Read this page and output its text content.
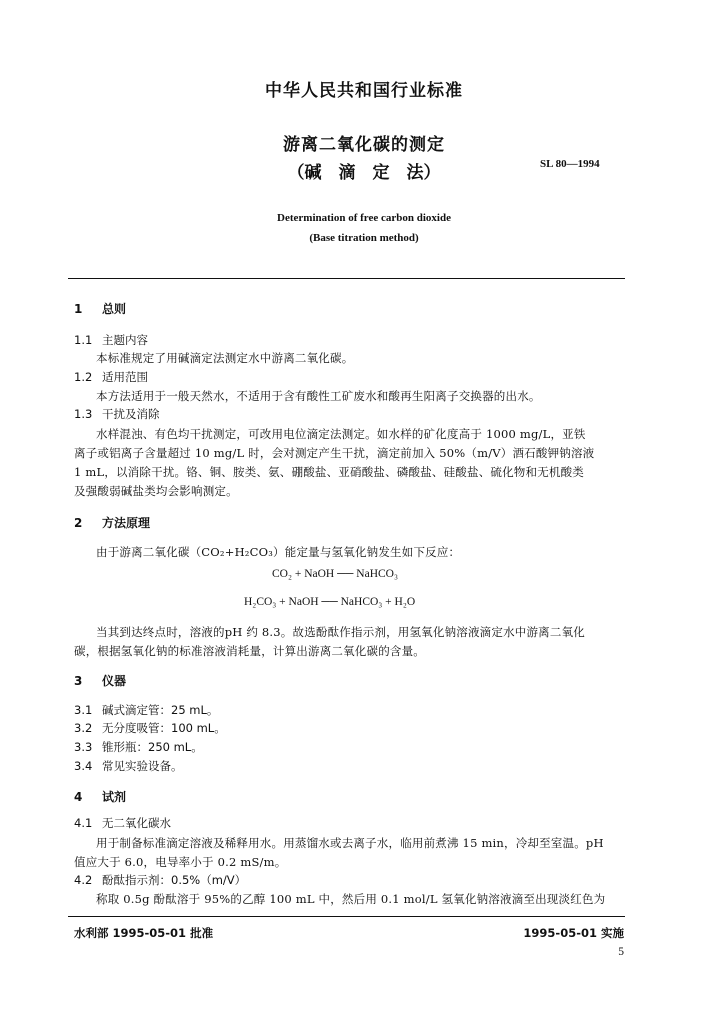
中华人民共和国行业标准
游离二氧化碳的测定
（碱　滴　定　法）	SL 80—1994
Determination of free carbon dioxide
(Base titration method)
1 总则
1.1 主题内容
本标准规定了用碱滴定法测定水中游离二氧化碳。
1.2 适用范围
本方法适用于一般天然水，不适用于含有酸性工矿废水和酸再生阳离子交换器的出水。
1.3 干扰及消除
水样混浊、有色均干扰测定，可改用电位滴定法测定。如水样的矿化度高于 1000 mg/L，亚铁
离子或铝离子含量超过 10 mg/L 时，会对测定产生干扰，滴定前加入 50%（m/V）酒石酸钾钠溶液
1 mL，以消除干扰。铬、铜、胺类、氨、硼酸盐、亚硝酸盐、磷酸盐、硅酸盐、硫化物和无机酸类
及强酸弱碱盐类均会影响测定。
2 方法原理
由于游离二氧化碳（CO₂+H₂CO₃）能定量与氢氧化钠发生如下反应：
CO₂ + NaOH ── NaHCO₃
H₂CO₃ + NaOH ── NaHCO₃ + H₂O
当其到达终点时，溶液的pH 约 8.3。故选酚酞作指示剂，用氢氧化钠溶液滴定水中游离二氧化
碳，根据氢氧化钠的标准溶液消耗量，计算出游离二氧化碳的含量。
3 仪器
3.1 碱式滴定管：25 mL。
3.2 无分度吸管：100 mL。
3.3 锥形瓶：250 mL。
3.4 常见实验设备。
4 试剂
4.1 无二氧化碳水
用于制备标准滴定溶液及稀释用水。用蒸馏水或去离子水，临用前煮沸 15 min，冷却至室温。pH
值应大于 6.0，电导率小于 0.2 mS/m。
4.2 酚酞指示剂：0.5%（m/V）
称取 0.5g 酚酞溶于 95%的乙醇 100 mL 中，然后用 0.1 mol/L 氢氧化钠溶液滴至出现淡红色为
水利部 1995-05-01 批准	1995-05-01 实施
5
